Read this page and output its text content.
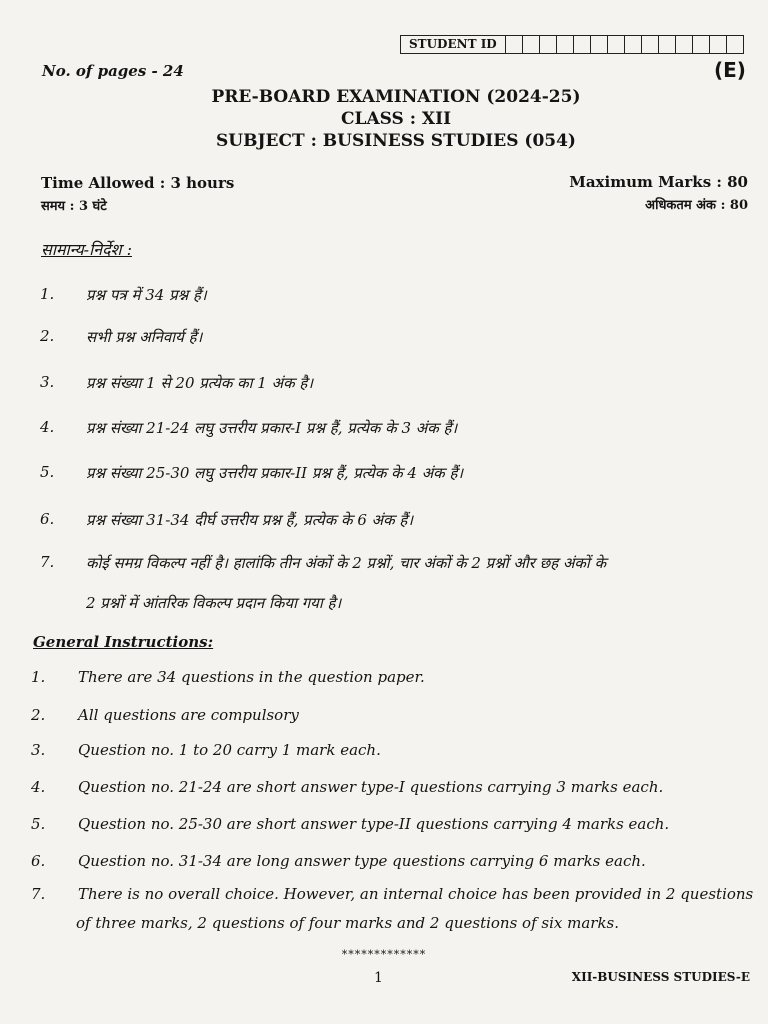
STUDENT ID
No. of pages - 24	(E)
PRE-BOARD EXAMINATION (2024-25)
CLASS : XII
SUBJECT : BUSINESS STUDIES (054)
Time Allowed : 3 hours
समय : 3 घंटे
Maximum Marks : 80
अधिकतम अंक : 80
सामान्य-निर्देश :
1. प्रश्न पत्र में 34 प्रश्न हैं।
2. सभी प्रश्न अनिवार्य हैं।
3. प्रश्न संख्या 1 से 20 प्रत्येक का 1 अंक है।
4. प्रश्न संख्या 21-24 लघु उत्तरीय प्रकार-I प्रश्न हैं, प्रत्येक के 3 अंक हैं।
5. प्रश्न संख्या 25-30 लघु उत्तरीय प्रकार-II प्रश्न हैं, प्रत्येक के 4 अंक हैं।
6. प्रश्न संख्या 31-34 दीर्घ उत्तरीय प्रश्न हैं, प्रत्येक के 6 अंक हैं।
7. कोई समग्र विकल्प नहीं है। हालांकि तीन अंकों के 2 प्रश्नों, चार अंकों के 2 प्रश्नों और छह अंकों के
2 प्रश्नों में आंतरिक विकल्प प्रदान किया गया है।
General Instructions:
1. There are 34 questions in the question paper.
2. All questions are compulsory
3. Question no. 1 to 20 carry 1 mark each.
4. Question no. 21-24 are short answer type-I questions carrying 3 marks each.
5. Question no. 25-30 are short answer type-II questions carrying 4 marks each.
6. Question no. 31-34 are long answer type questions carrying 6 marks each.
7. There is no overall choice. However, an internal choice has been provided in 2 questions
of three marks, 2 questions of four marks and 2 questions of six marks.
*************
1	XII-BUSINESS STUDIES-E
